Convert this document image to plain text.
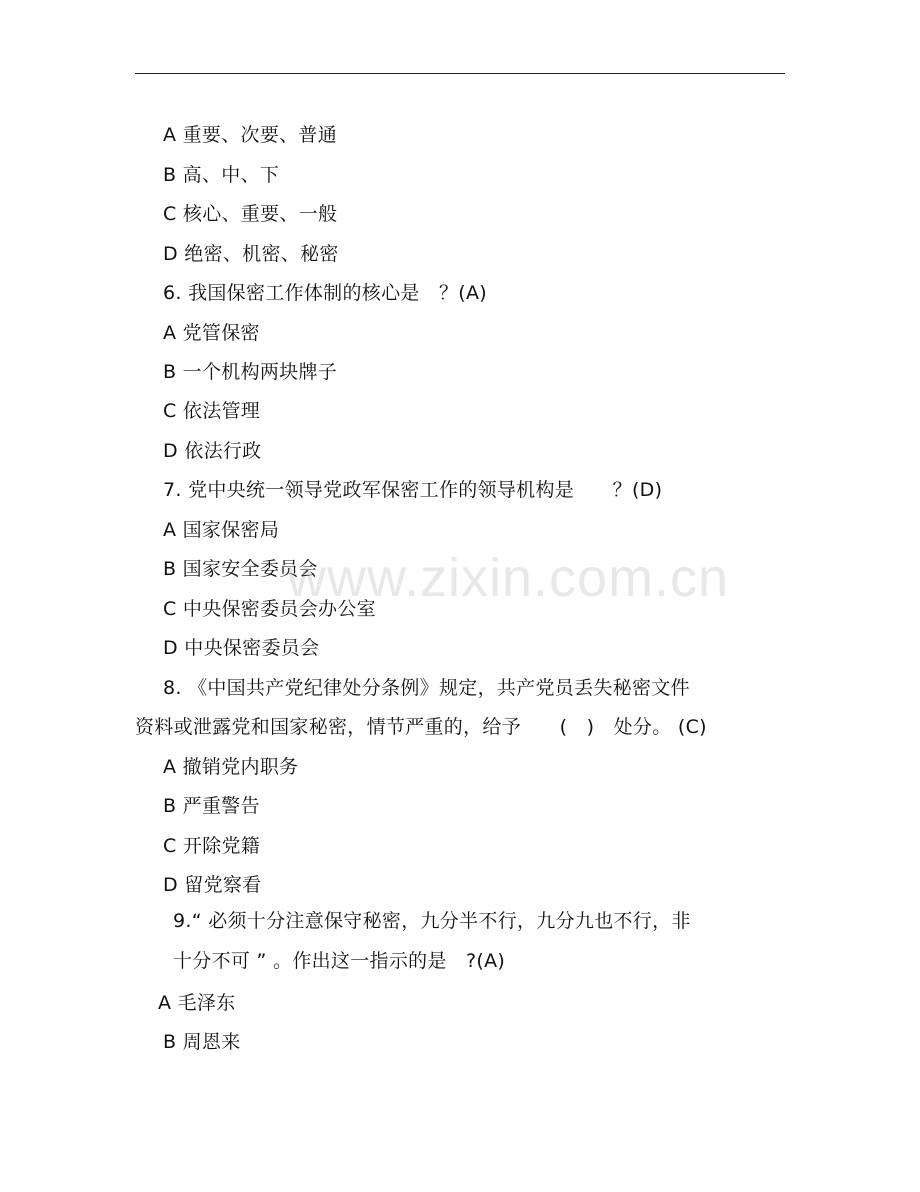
A 重要、次要、普通
B 高、中、下
C 核心、重要、一般
D 绝密、机密、秘密
6. 我国保密工作体制的核心是　？(A)
A 党管保密
B 一个机构两块牌子
C 依法管理
D 依法行政
7. 党中央统一领导党政军保密工作的领导机构是　　？(D)
A 国家保密局
B 国家安全委员会
C 中央保密委员会办公室
D 中央保密委员会
8. 《中国共产党纪律处分条例》规定，共产党员丢失秘密文件
资料或泄露党和国家秘密，情节严重的，给予　　(　)　处分。 (C)
A 撤销党内职务
B 严重警告
C 开除党籍
D 留党察看
9.“ 必须十分注意保守秘密，九分半不行，九分九也不行，非
十分不可 ” 。作出这一指示的是　?(A)
A 毛泽东
B 周恩来
www.zixin.com.cn
